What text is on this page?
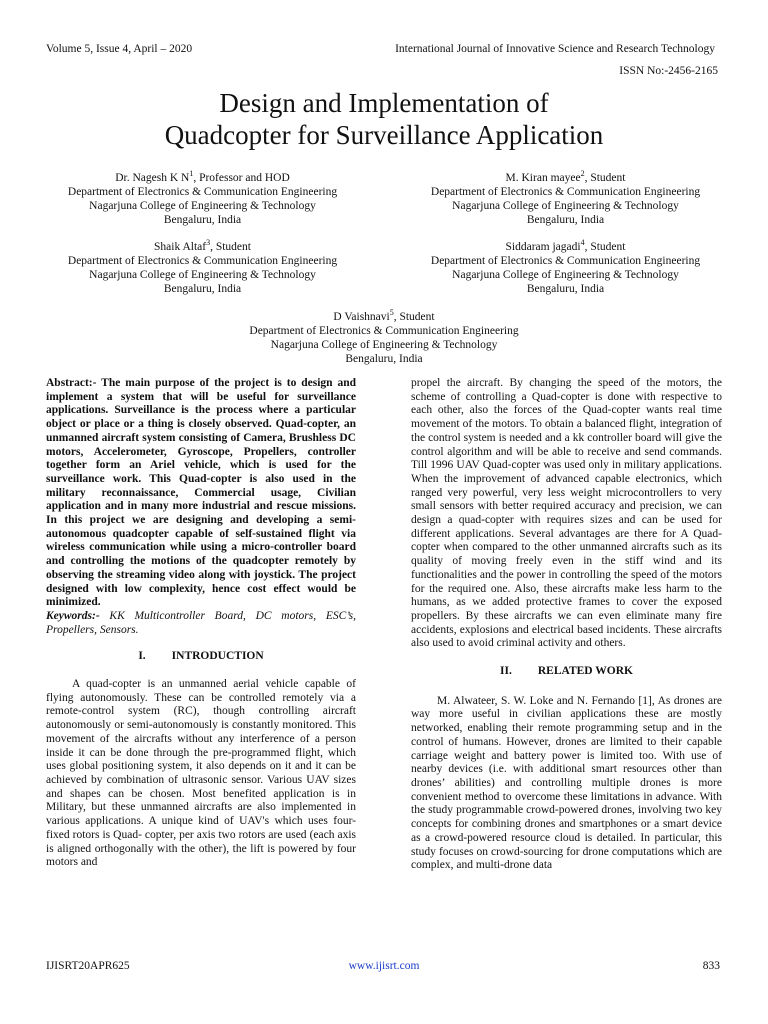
Volume 5, Issue 4, April – 2020	International Journal of Innovative Science and Research Technology
ISSN No:-2456-2165
Design and Implementation of
Quadcopter for Surveillance Application
Dr. Nagesh K $N^1$, Professor and HOD
Department of Electronics & Communication Engineering
Nagarjuna College of Engineering & Technology
Bengaluru, India
M. Kiran mayee$^2$, Student
Department of Electronics & Communication Engineering
Nagarjuna College of Engineering & Technology
Bengaluru, India
Shaik Altaf$^3$, Student
Department of Electronics & Communication Engineering
Nagarjuna College of Engineering & Technology
Bengaluru, India
Siddaram jagadi$^4$, Student
Department of Electronics & Communication Engineering
Nagarjuna College of Engineering & Technology
Bengaluru, India
D Vaishnavi$^5$, Student
Department of Electronics & Communication Engineering
Nagarjuna College of Engineering & Technology
Bengaluru, India

Abstract:- The main purpose of the project is to design and implement a system that will be useful for surveillance applications. Surveillance is the process where a particular object or place or a thing is closely observed. Quad-copter, an unmanned aircraft system consisting of Camera, Brushless DC motors, Accelerometer, Gyroscope, Propellers, controller together form an Ariel vehicle, which is used for the surveillance work. This Quad-copter is also used in the military reconnaissance, Commercial usage, Civilian application and in many more industrial and rescue missions. In this project we are designing and developing a semi-autonomous quadcopter capable of self-sustained flight via wireless communication while using a micro-controller board and controlling the motions of the quadcopter remotely by observing the streaming video along with joystick. The project designed with low complexity, hence cost effect would be minimized.

Keywords:- KK Multicontroller Board, DC motors, ESC’s, Propellers, Sensors.

I. INTRODUCTION

A quad-copter is an unmanned aerial vehicle capable of flying autonomously. These can be controlled remotely via a remote-control system (RC), though controlling aircraft autonomously or semi-autonomously is constantly monitored. This movement of the aircrafts without any interference of a person inside it can be done through the pre-programmed flight, which uses global positioning system, it also depends on it and it can be achieved by combination of ultrasonic sensor. Various UAV sizes and shapes can be chosen. Most benefited application is in Military, but these unmanned aircrafts are also implemented in various applications. A unique kind of UAV's which uses four-fixed rotors is Quad- copter, per axis two rotors are used (each axis is aligned orthogonally with the other), the lift is powered by four motors and

propel the aircraft. By changing the speed of the motors, the scheme of controlling a Quad-copter is done with respective to each other, also the forces of the Quad-copter wants real time movement of the motors. To obtain a balanced flight, integration of the control system is needed and a kk controller board will give the control algorithm and will be able to receive and send commands. Till 1996 UAV Quad-copter was used only in military applications. When the improvement of advanced capable electronics, which ranged very powerful, very less weight microcontrollers to very small sensors with better required accuracy and precision, we can design a quad-copter with requires sizes and can be used for different applications. Several advantages are there for A Quad-copter when compared to the other unmanned aircrafts such as its quality of moving freely even in the stiff wind and its functionalities and the power in controlling the speed of the motors for the required one. Also, these aircrafts make less harm to the humans, as we added protective frames to cover the exposed propellers. By these aircrafts we can even eliminate many fire accidents, explosions and electrical based incidents. These aircrafts also used to avoid criminal activity and others.

II. RELATED WORK

M. Alwateer, S. W. Loke and N. Fernando [1], As drones are way more useful in civilian applications these are mostly networked, enabling their remote programming setup and in the control of humans. However, drones are limited to their capable carriage weight and battery power is limited too. With use of nearby devices (i.e. with additional smart resources other than drones’ abilities) and controlling multiple drones is more convenient method to overcome these limitations in advance. With the study programmable crowd-powered drones, involving two key concepts for combining drones and smartphones or a smart device as a crowd-powered resource cloud is detailed. In particular, this study focuses on crowd-sourcing for drone computations which are complex, and multi-drone data

IJISRT20APR625	www.ijisrt.com	833
